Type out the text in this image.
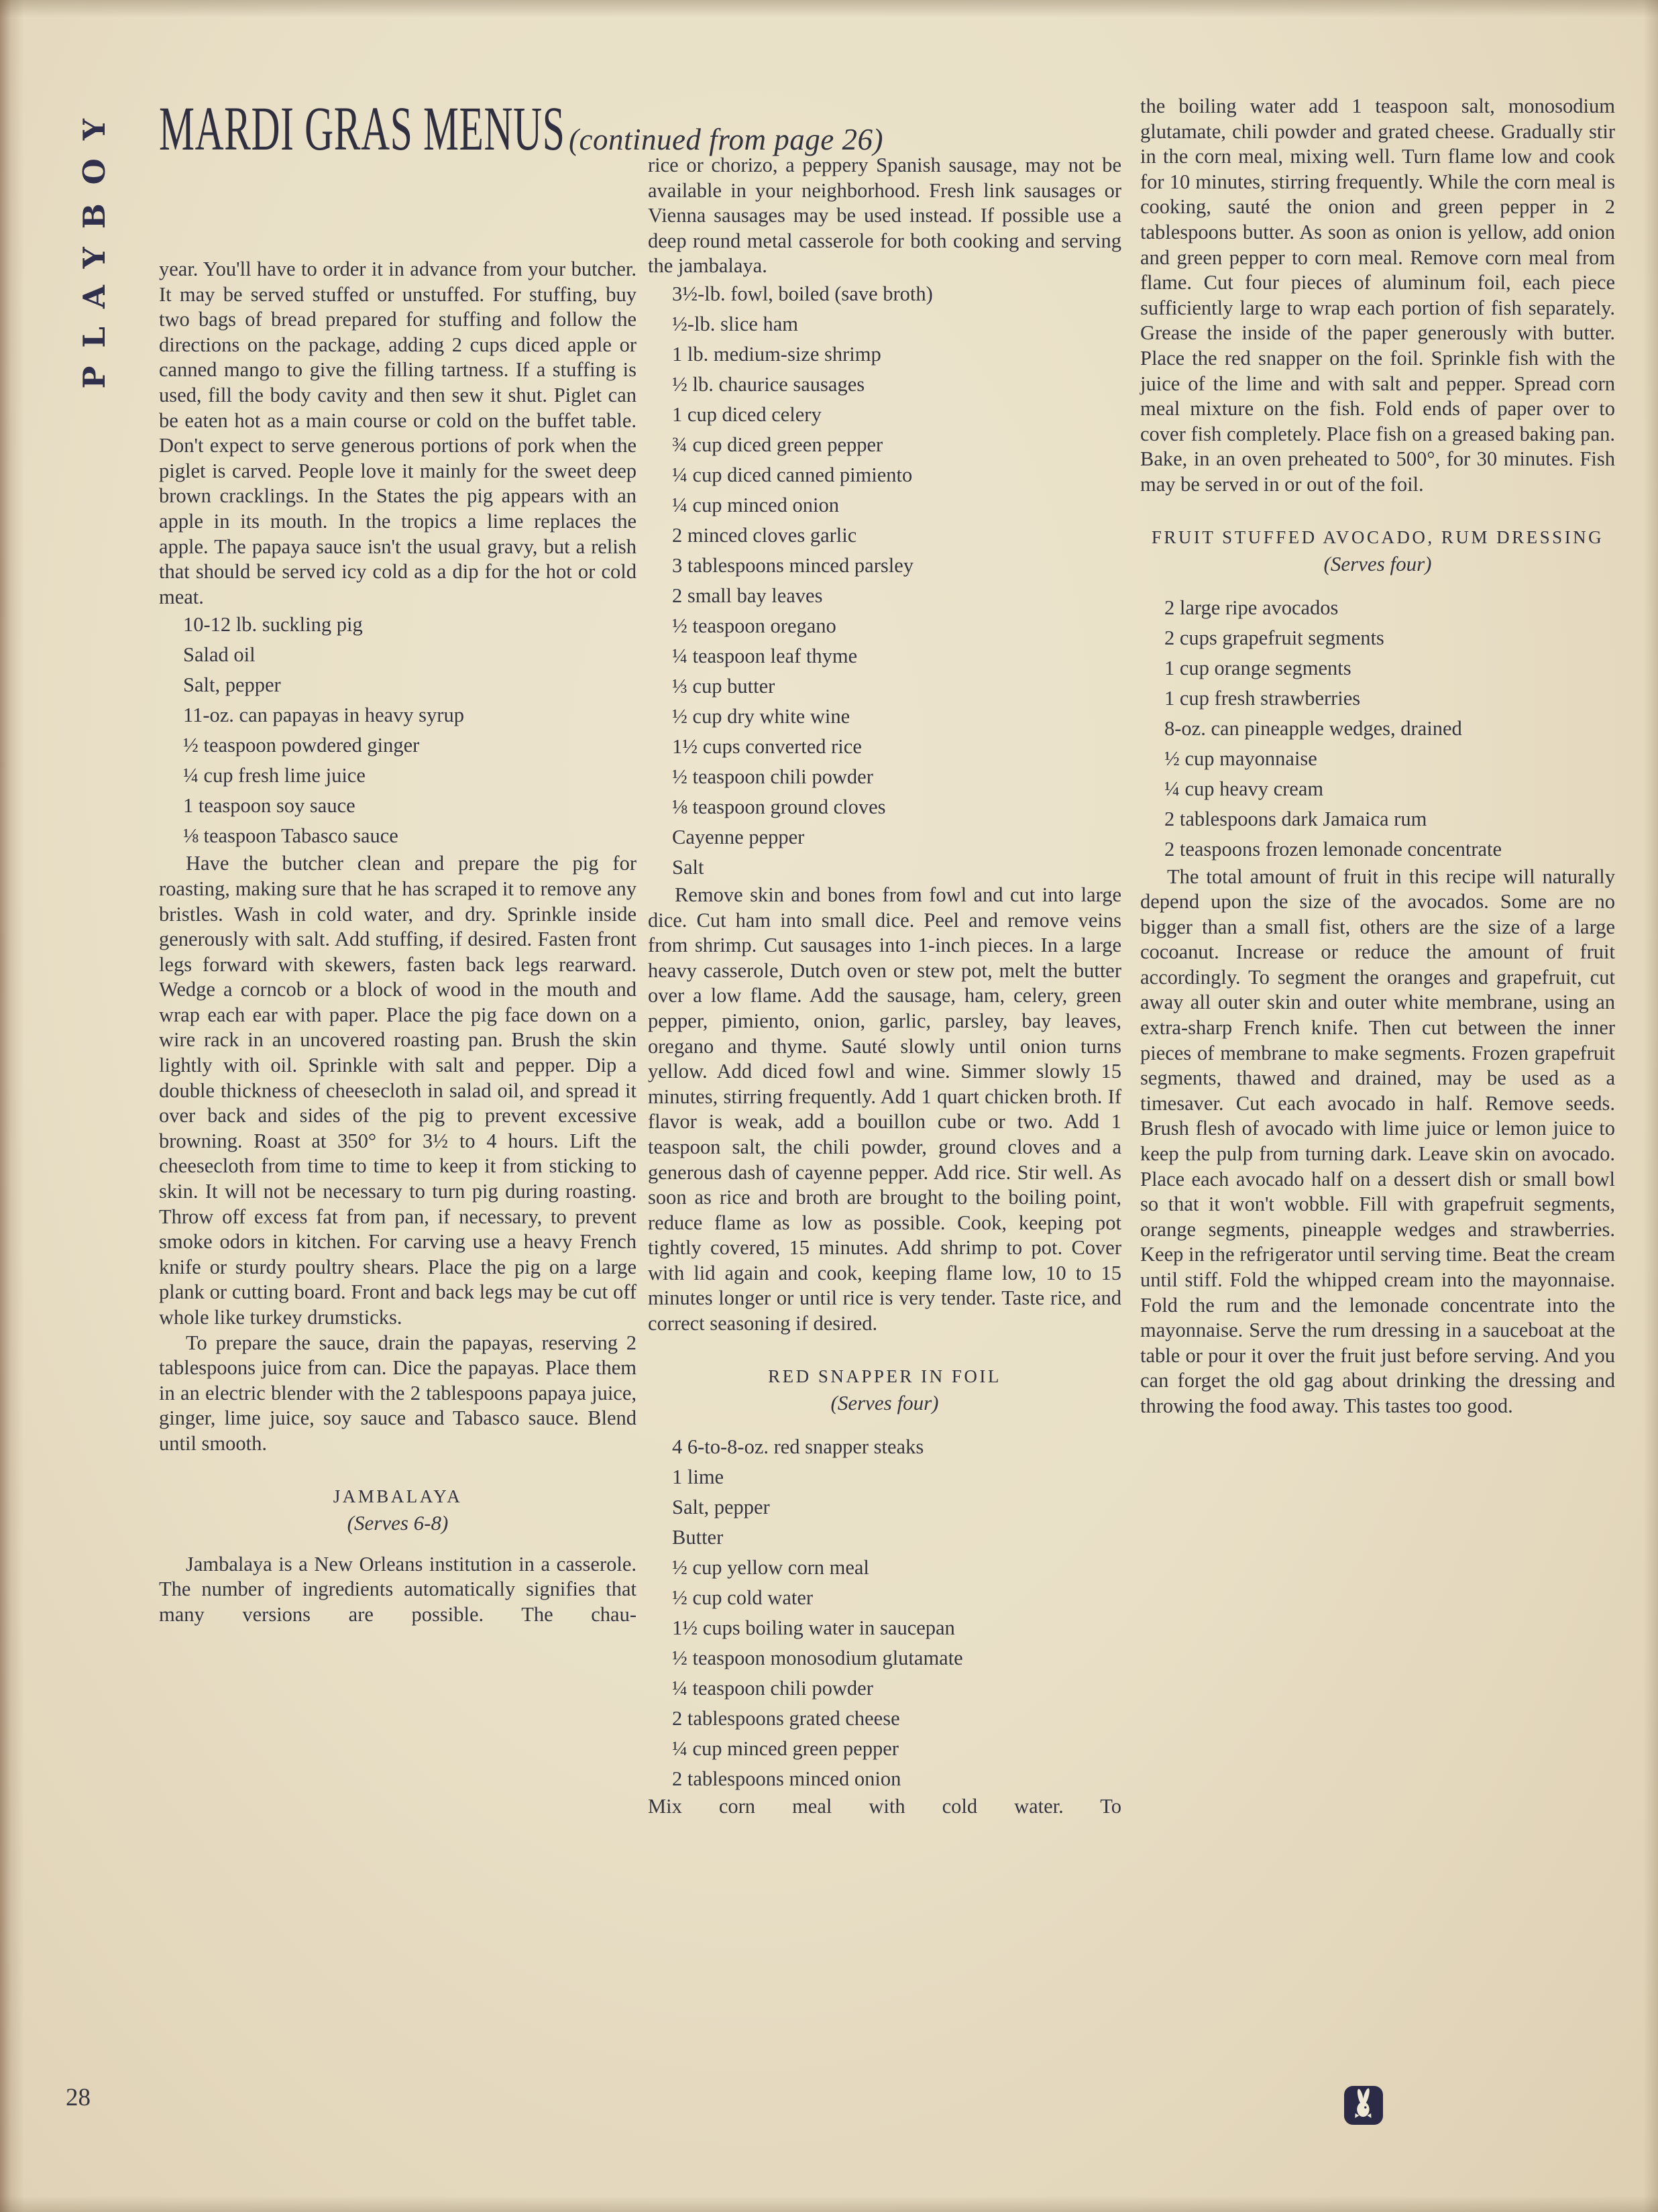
PLAYBOY MARDI GRAS MENUS (continued from page 26)

year. You'll have to order it in advance from your butcher. It may be served stuffed or unstuffed. For stuffing, buy two bags of bread prepared for stuffing and follow the directions on the package, adding 2 cups diced apple or canned mango to give the filling tartness. If a stuffing is used, fill the body cavity and then sew it shut. Piglet can be eaten hot as a main course or cold on the buffet table. Don't expect to serve generous portions of pork when the piglet is carved. People love it mainly for the sweet deep brown cracklings. In the States the pig appears with an apple in its mouth. In the tropics a lime replaces the apple. The papaya sauce isn't the usual gravy, but a relish that should be served icy cold as a dip for the hot or cold meat.

10-12 lb. suckling pig
Salad oil
Salt, pepper
11-oz. can papayas in heavy syrup
½ teaspoon powdered ginger
¼ cup fresh lime juice
1 teaspoon soy sauce
⅛ teaspoon Tabasco sauce

Have the butcher clean and prepare the pig for roasting, making sure that he has scraped it to remove any bristles. Wash in cold water, and dry. Sprinkle inside generously with salt. Add stuffing, if desired. Fasten front legs forward with skewers, fasten back legs rearward. Wedge a corncob or a block of wood in the mouth and wrap each ear with paper. Place the pig face down on a wire rack in an uncovered roasting pan. Brush the skin lightly with oil. Sprinkle with salt and pepper. Dip a double thickness of cheesecloth in salad oil, and spread it over back and sides of the pig to prevent excessive browning. Roast at 350° for 3½ to 4 hours. Lift the cheesecloth from time to time to keep it from sticking to skin. It will not be necessary to turn pig during roasting. Throw off excess fat from pan, if necessary, to prevent smoke odors in kitchen. For carving use a heavy French knife or sturdy poultry shears. Place the pig on a large plank or cutting board. Front and back legs may be cut off whole like turkey drumsticks.

To prepare the sauce, drain the papayas, reserving 2 tablespoons juice from can. Dice the papayas. Place them in an electric blender with the 2 tablespoons papaya juice, ginger, lime juice, soy sauce and Tabasco sauce. Blend until smooth.

JAMBALAYA
(Serves 6-8)

Jambalaya is a New Orleans institution in a casserole. The number of ingredients automatically signifies that many versions are possible. The chau-

rice or chorizo, a peppery Spanish sausage, may not be available in your neighborhood. Fresh link sausages or Vienna sausages may be used instead. If possible use a deep round metal casserole for both cooking and serving the jambalaya.

3½-lb. fowl, boiled (save broth)
½-lb. slice ham
1 lb. medium-size shrimp
½ lb. chaurice sausages
1 cup diced celery
¾ cup diced green pepper
¼ cup diced canned pimiento
¼ cup minced onion
2 minced cloves garlic
3 tablespoons minced parsley
2 small bay leaves
½ teaspoon oregano
¼ teaspoon leaf thyme
⅓ cup butter
½ cup dry white wine
1½ cups converted rice
½ teaspoon chili powder
⅛ teaspoon ground cloves
Cayenne pepper
Salt

Remove skin and bones from fowl and cut into large dice. Cut ham into small dice. Peel and remove veins from shrimp. Cut sausages into 1-inch pieces. In a large heavy casserole, Dutch oven or stew pot, melt the butter over a low flame. Add the sausage, ham, celery, green pepper, pimiento, onion, garlic, parsley, bay leaves, oregano and thyme. Sauté slowly until onion turns yellow. Add diced fowl and wine. Simmer slowly 15 minutes, stirring frequently. Add 1 quart chicken broth. If flavor is weak, add a bouillon cube or two. Add 1 teaspoon salt, the chili powder, ground cloves and a generous dash of cayenne pepper. Add rice. Stir well. As soon as rice and broth are brought to the boiling point, reduce flame as low as possible. Cook, keeping pot tightly covered, 15 minutes. Add shrimp to pot. Cover with lid again and cook, keeping flame low, 10 to 15 minutes longer or until rice is very tender. Taste rice, and correct seasoning if desired.

RED SNAPPER IN FOIL
(Serves four)
4 6-to-8-oz. red snapper steaks
1 lime
Salt, pepper
Butter
½ cup yellow corn meal
½ cup cold water
1½ cups boiling water in saucepan
½ teaspoon monosodium glutamate
¼ teaspoon chili powder
2 tablespoons grated cheese
¼ cup minced green pepper
2 tablespoons minced onion

Mix corn meal with cold water. To

the boiling water add 1 teaspoon salt, monosodium glutamate, chili powder and grated cheese. Gradually stir in the corn meal, mixing well. Turn flame low and cook for 10 minutes, stirring frequently. While the corn meal is cooking, sauté the onion and green pepper in 2 tablespoons butter. As soon as onion is yellow, add onion and green pepper to corn meal. Remove corn meal from flame. Cut four pieces of aluminum foil, each piece sufficiently large to wrap each portion of fish separately. Grease the inside of the paper generously with butter. Place the red snapper on the foil. Sprinkle fish with the juice of the lime and with salt and pepper. Spread corn meal mixture on the fish. Fold ends of paper over to cover fish completely. Place fish on a greased baking pan. Bake, in an oven preheated to 500°, for 30 minutes. Fish may be served in or out of the foil.

FRUIT STUFFED AVOCADO, RUM DRESSING
(Serves four)
2 large ripe avocados
2 cups grapefruit segments
1 cup orange segments
1 cup fresh strawberries
8-oz. can pineapple wedges, drained
½ cup mayonnaise
¼ cup heavy cream
2 tablespoons dark Jamaica rum
2 teaspoons frozen lemonade concentrate

The total amount of fruit in this recipe will naturally depend upon the size of the avocados. Some are no bigger than a small fist, others are the size of a large cocoanut. Increase or reduce the amount of fruit accordingly. To segment the oranges and grapefruit, cut away all outer skin and outer white membrane, using an extra-sharp French knife. Then cut between the inner pieces of membrane to make segments. Frozen grapefruit segments, thawed and drained, may be used as a timesaver. Cut each avocado in half. Remove seeds. Brush flesh of avocado with lime juice or lemon juice to keep the pulp from turning dark. Leave skin on avocado. Place each avocado half on a dessert dish or small bowl so that it won't wobble. Fill with grapefruit segments, orange segments, pineapple wedges and strawberries. Keep in the refrigerator until serving time. Beat the cream until stiff. Fold the whipped cream into the mayonnaise. Fold the rum and the lemonade concentrate into the mayonnaise. Serve the rum dressing in a sauceboat at the table or pour it over the fruit just before serving. And you can forget the old gag about drinking the dressing and throwing the food away. This tastes too good.

28
